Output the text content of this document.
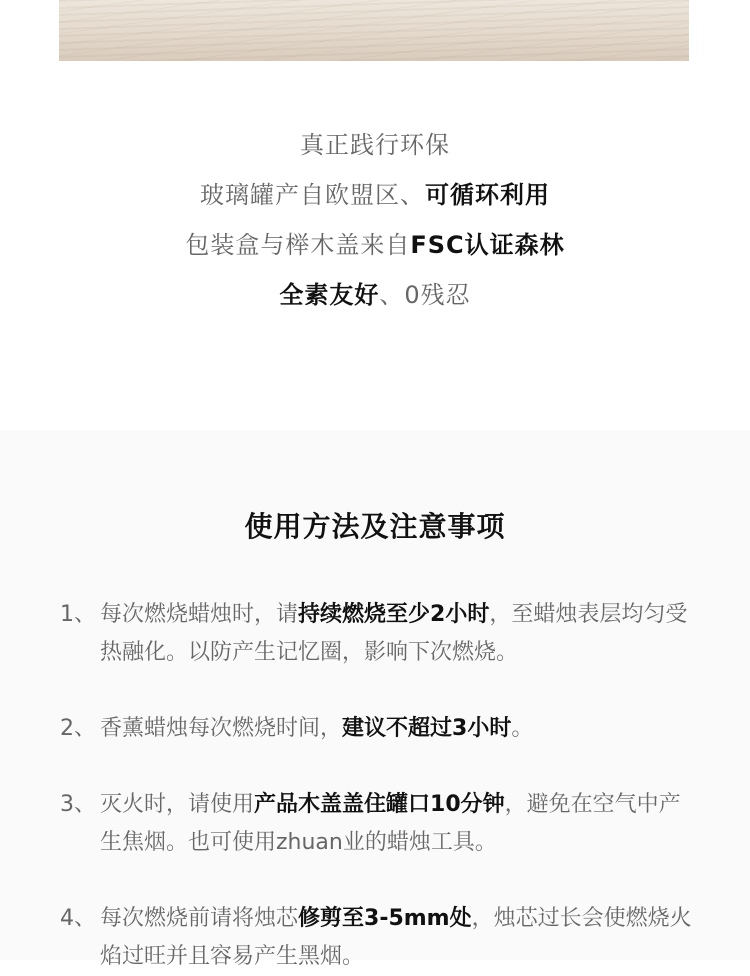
真正践行环保
玻璃罐产自欧盟区、可循环利用
包装盒与榉木盖来自FSC认证森林
全素友好、0残忍
使用方法及注意事项
1、 每次燃烧蜡烛时，请持续燃烧至少2小时，至蜡烛表层均匀受热融化。以防产生记忆圈，影响下次燃烧。
2、 香薰蜡烛每次燃烧时间，建议不超过3小时。
3、 灭火时，请使用产品木盖盖住罐口10分钟，避免在空气中产生焦烟。也可使用zhuan业的蜡烛工具。
4、 每次燃烧前请将烛芯修剪至3-5mm处，烛芯过长会使燃烧火焰过旺并且容易产生黑烟。
